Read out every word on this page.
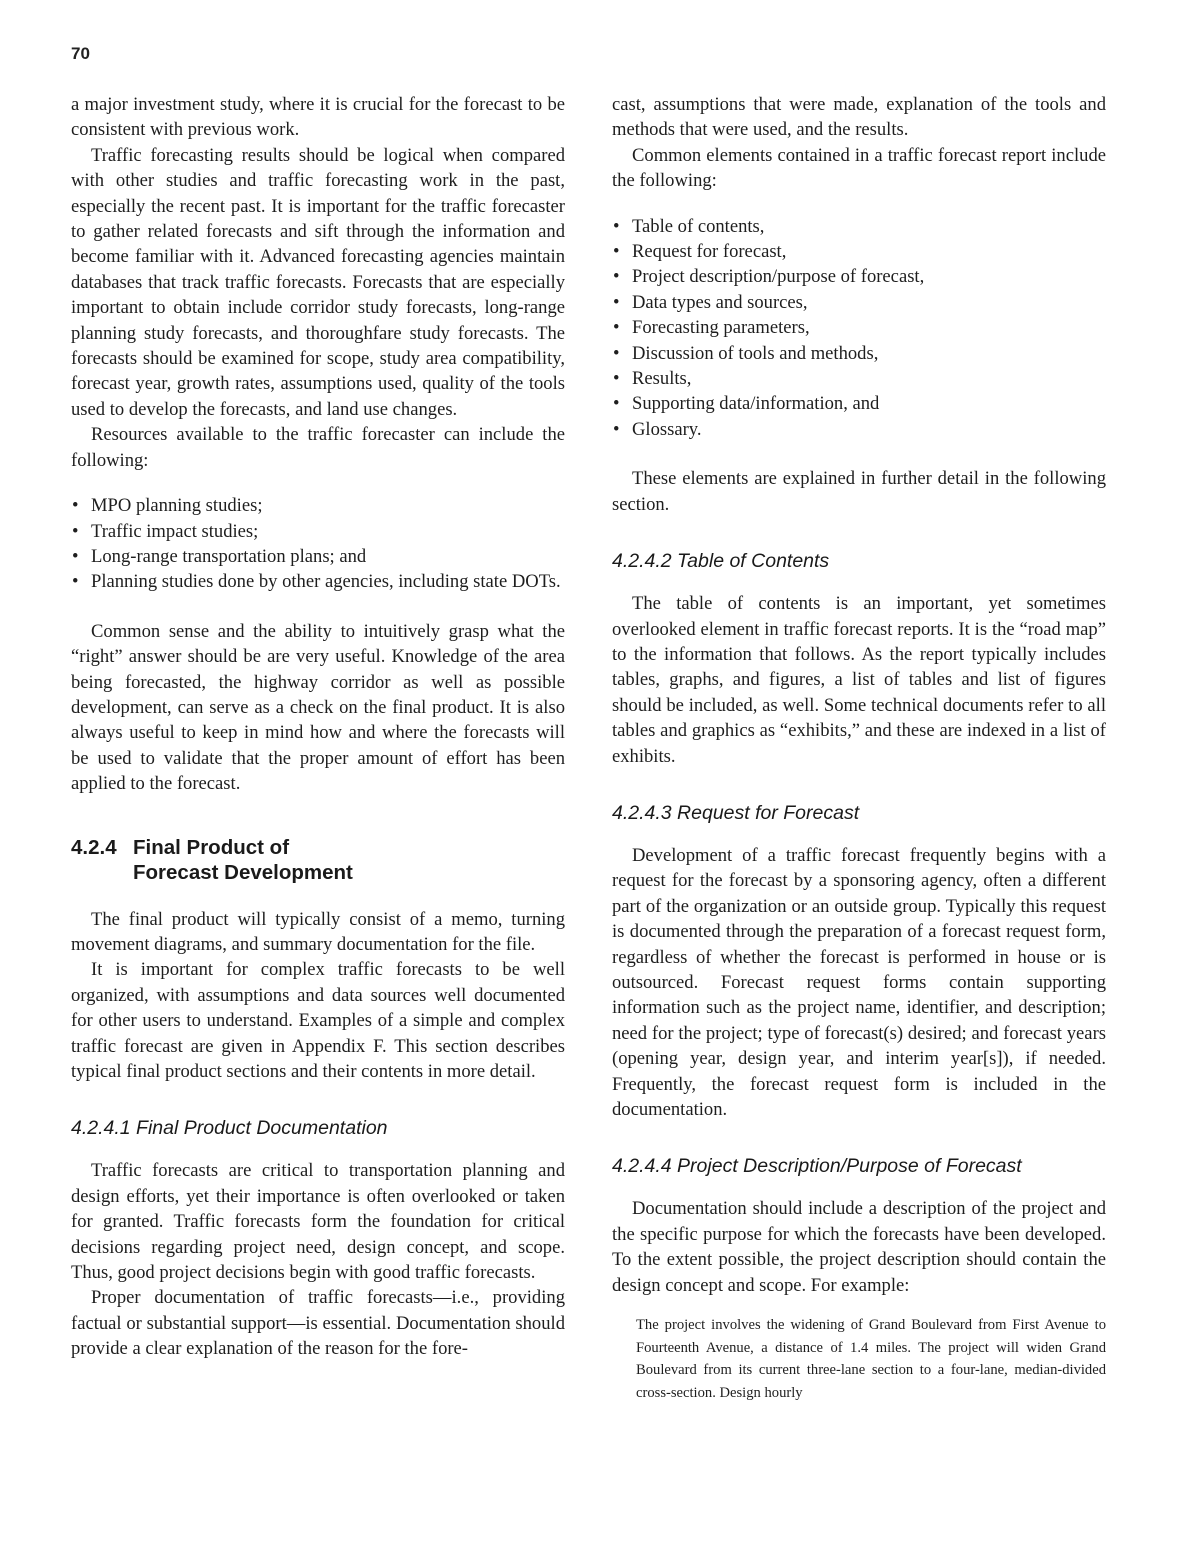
70

a major investment study, where it is crucial for the forecast to be consistent with previous work.

Traffic forecasting results should be logical when compared with other studies and traffic forecasting work in the past, especially the recent past. It is important for the traffic forecaster to gather related forecasts and sift through the information and become familiar with it. Advanced forecasting agencies maintain databases that track traffic forecasts. Forecasts that are especially important to obtain include corridor study forecasts, long-range planning study forecasts, and thoroughfare study forecasts. The forecasts should be examined for scope, study area compatibility, forecast year, growth rates, assumptions used, quality of the tools used to develop the forecasts, and land use changes.

Resources available to the traffic forecaster can include the following:

• MPO planning studies;
• Traffic impact studies;
• Long-range transportation plans; and
• Planning studies done by other agencies, including state DOTs.

Common sense and the ability to intuitively grasp what the “right” answer should be are very useful. Knowledge of the area being forecasted, the highway corridor as well as possible development, can serve as a check on the final product. It is also always useful to keep in mind how and where the forecasts will be used to validate that the proper amount of effort has been applied to the forecast.

4.2.4 Final Product of
Forecast Development

The final product will typically consist of a memo, turning movement diagrams, and summary documentation for the file.

It is important for complex traffic forecasts to be well organized, with assumptions and data sources well documented for other users to understand. Examples of a simple and complex traffic forecast are given in Appendix F. This section describes typical final product sections and their contents in more detail.

4.2.4.1 Final Product Documentation

Traffic forecasts are critical to transportation planning and design efforts, yet their importance is often overlooked or taken for granted. Traffic forecasts form the foundation for critical decisions regarding project need, design concept, and scope. Thus, good project decisions begin with good traffic forecasts.

Proper documentation of traffic forecasts—i.e., providing factual or substantial support—is essential. Documentation should provide a clear explanation of the reason for the fore-

cast, assumptions that were made, explanation of the tools and methods that were used, and the results.

Common elements contained in a traffic forecast report include the following:

• Table of contents,
• Request for forecast,
• Project description/purpose of forecast,
• Data types and sources,
• Forecasting parameters,
• Discussion of tools and methods,
• Results,
• Supporting data/information, and
• Glossary.

These elements are explained in further detail in the following section.

4.2.4.2 Table of Contents

The table of contents is an important, yet sometimes overlooked element in traffic forecast reports. It is the “road map” to the information that follows. As the report typically includes tables, graphs, and figures, a list of tables and list of figures should be included, as well. Some technical documents refer to all tables and graphics as “exhibits,” and these are indexed in a list of exhibits.

4.2.4.3 Request for Forecast

Development of a traffic forecast frequently begins with a request for the forecast by a sponsoring agency, often a different part of the organization or an outside group. Typically this request is documented through the preparation of a forecast request form, regardless of whether the forecast is performed in house or is outsourced. Forecast request forms contain supporting information such as the project name, identifier, and description; need for the project; type of forecast(s) desired; and forecast years (opening year, design year, and interim year[s]), if needed. Frequently, the forecast request form is included in the documentation.

4.2.4.4 Project Description/Purpose of Forecast

Documentation should include a description of the project and the specific purpose for which the forecasts have been developed. To the extent possible, the project description should contain the design concept and scope. For example:

The project involves the widening of Grand Boulevard from First Avenue to Fourteenth Avenue, a distance of 1.4 miles. The project will widen Grand Boulevard from its current three-lane section to a four-lane, median-divided cross-section. Design hourly
